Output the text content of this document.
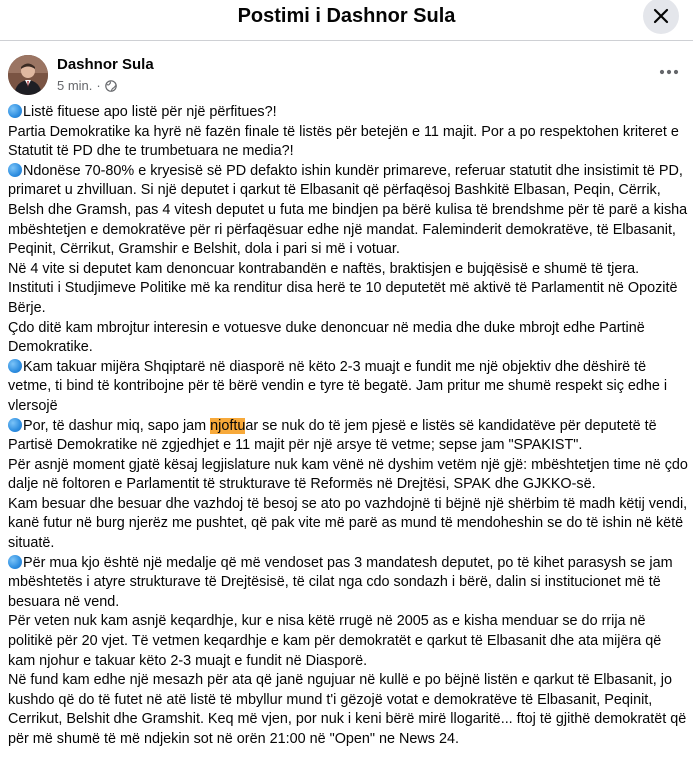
Postimi i Dashnor Sula
Dashnor Sula
5 min. ·

Listë fituese apo listë për një përfitues?!

Partia Demokratike ka hyrë në fazën finale të listës për betejën e 11 majit. Por a po respektohen kriteret e Statutit të PD dhe te trumbetuara ne media?!

Ndonëse 70-80% e kryesisë së PD defakto ishin kundër primareve, referuar statutit dhe insistimit të PD, primaret u zhvilluan. Si një deputet i qarkut të Elbasanit që përfaqësoj Bashkitë Elbasan, Peqin, Cërrik, Belsh dhe Gramsh, pas 4 vitesh deputet u futa me bindjen pa bërë kulisa të brendshme për të parë a kisha mbështetjen e demokratëve për ri përfaqësuar edhe një mandat. Faleminderit demokratëve, të Elbasanit, Peqinit, Cërrikut, Gramshir e Belshit, dola i pari si më i votuar.

Në 4 vite si deputet kam denoncuar kontrabandën e naftës, braktisjen e bujqësisë e shumë të tjera. Instituti i Studjimeve Politike më ka renditur disa herë te 10 deputetët më aktivë të Parlamentit në Opozitë Bërje.

Çdo ditë kam mbrojtur interesin e votuesve duke denoncuar në media dhe duke mbrojt edhe Partinë Demokratike.

Kam takuar mijëra Shqiptarë në diasporë në këto 2-3 muajt e fundit me një objektiv dhe dëshirë të vetme, ti bind të kontribojne për të bërë vendin e tyre të begatë. Jam pritur me shumë respekt siç edhe i vlersojë

Por, të dashur miq, sapo jam njoftuar se nuk do të jem pjesë e listës së kandidatëve për deputetë të Partisë Demokratike në zgjedhjet e 11 majit për një arsye të vetme; sepse jam "SPAKIST".

Për asnjë moment gjatë kësaj legjislature nuk kam vënë në dyshim vetëm një gjë: mbështetjen time në çdo dalje në foltoren e Parlamentit të strukturave të Reformës në Drejtësi, SPAK dhe GJKKO-së.

Kam besuar dhe besuar dhe vazhdoj të besoj se ato po vazhdojnë ti bëjnë një shërbim të madh këtij vendi, kanë futur në burg njerëz me pushtet, që pak vite më parë as mund të mendoheshin se do të ishin në këtë situatë.

Për mua kjo është një medalje që më vendoset pas 3 mandatesh deputet, po të kihet parasysh se jam mbështetës i atyre strukturave të Drejtësisë, të cilat nga cdo sondazh i bërë, dalin si institucionet më të besuara në vend.

Për veten nuk kam asnjë keqardhje, kur e nisa këtë rrugë në 2005 as e kisha menduar se do rrija në politikë për 20 vjet. Të vetmen keqardhje e kam për demokratët e qarkut të Elbasanit dhe ata mijëra që kam njohur e takuar këto 2-3 muajt e fundit në Diasporë.

Në fund kam edhe një mesazh për ata që janë ngujuar në kullë e po bëjnë listën e qarkut të Elbasanit, jo kushdo që do të futet në atë listë të mbyllur mund t'i gëzojë votat e demokratëve të Elbasanit, Peqinit, Cerrikut, Belshit dhe Gramshit. Keq më vjen, por nuk i keni bërë mirë llogaritë... ftoj të gjithë demokratët që për më shumë të më ndjekin sot në orën 21:00 në "Open" ne News 24.
